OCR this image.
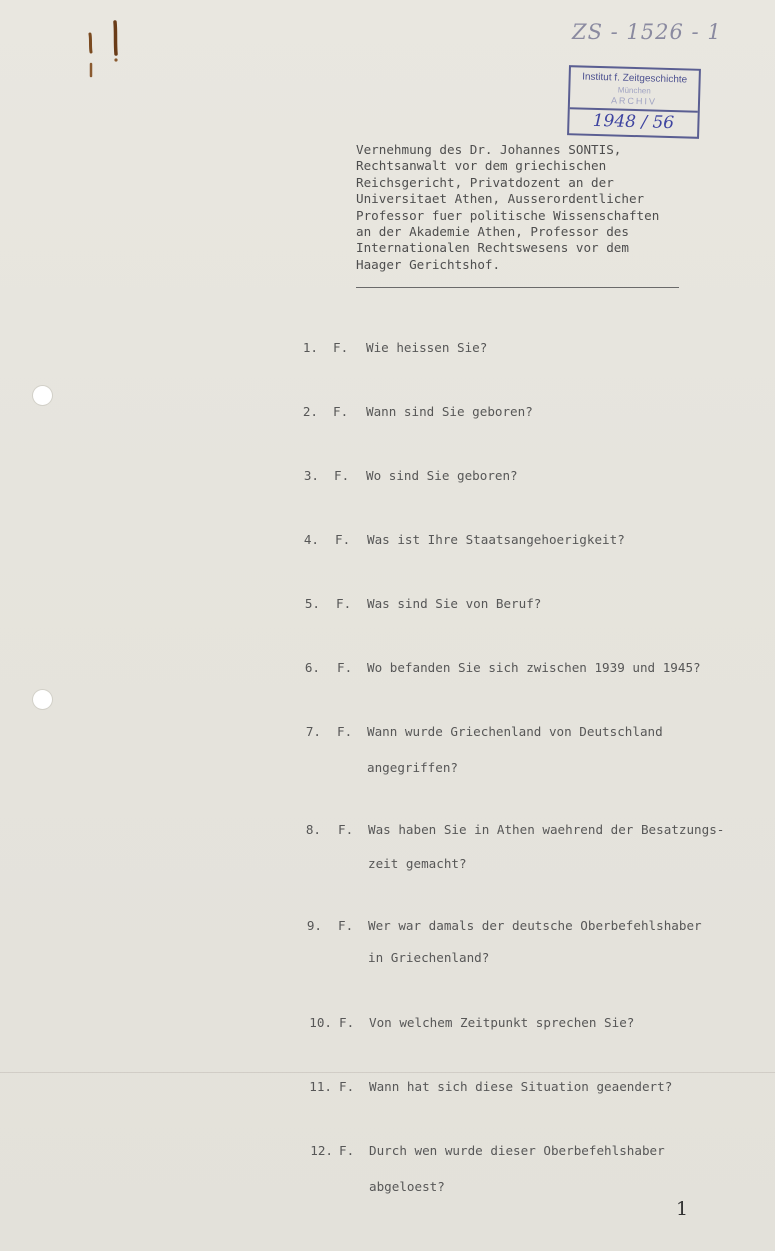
ZS - 1526 - 1
Institut f. Zeitgeschichte
München
ARCHIV
1948 / 56
Vernehmung des Dr. Johannes SONTIS,
Rechtsanwalt vor dem griechischen
Reichsgericht, Privatdozent an der
Universitaet Athen, Ausserordentlicher
Professor fuer politische Wissenschaften
an der Akademie Athen, Professor des
Internationalen Rechtswesens vor dem
Haager Gerichtshof.
1. F. Wie heissen Sie?
2. F. Wann sind Sie geboren?
3. F. Wo sind Sie geboren?
4. F. Was ist Ihre Staatsangehoerigkeit?
5. F. Was sind Sie von Beruf?
6. F. Wo befanden Sie sich zwischen 1939 und 1945?
7. F. Wann wurde Griechenland von Deutschland
angegriffen?
8. F. Was haben Sie in Athen waehrend der Besatzungs-
zeit gemacht?
9. F. Wer war damals der deutsche Oberbefehlshaber
in Griechenland?
10. F. Von welchem Zeitpunkt sprechen Sie?
11. F. Wann hat sich diese Situation geaendert?
12. F. Durch wen wurde dieser Oberbefehlshaber
abgeloest?
1
